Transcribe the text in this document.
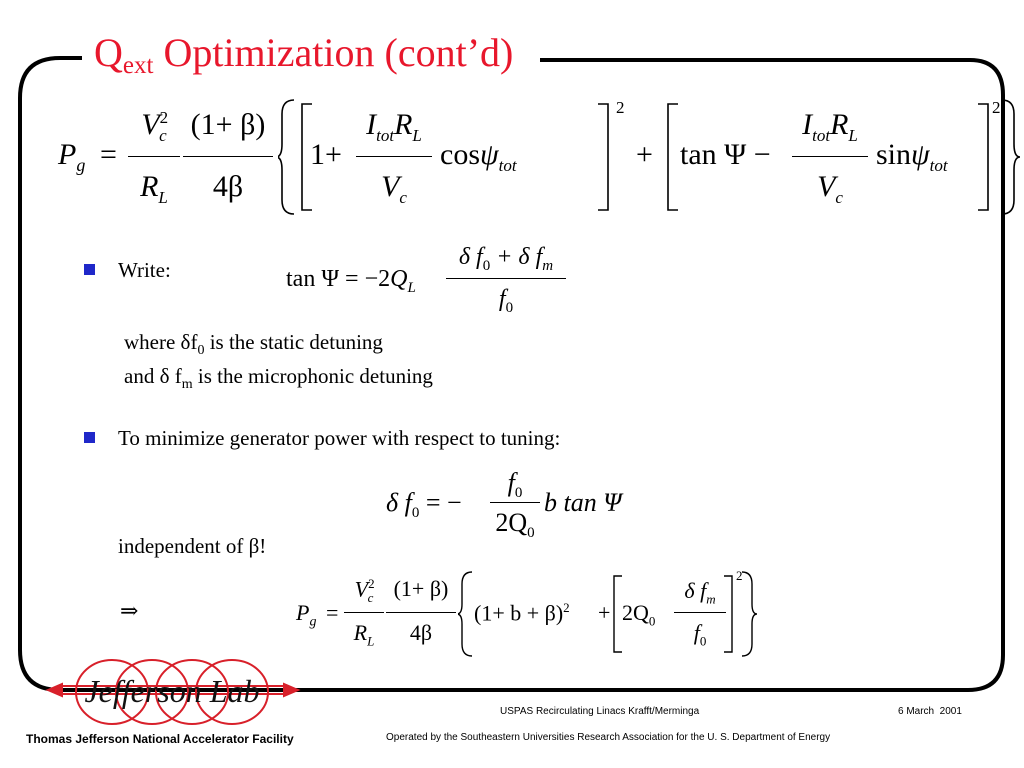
$Q_{ext}$ Optimization (cont’d)
$P_g$ =
$V^2_c$
$R_L$
(1+ β)
4β
1+
$I_{tot}R_L$
$V_c$
cosψ$_{tot}$
2
+ tan Ψ −
$I_{tot}R_L$
$V_c$
sinψ$_{tot}$
2
Write:	$\tan \Psi = -2Q_L$
δ $f_0 + \delta$ $f_m$
$f_0$
where $\delta f_0$ is the static detuning
and δ $f_m$ is the microphonic detuning
To minimize generator power with respect to tuning:
δ $f_0$ = −
$f_0$
$2Q_0$
b tan Ψ
independent of β!
⇒	$P_g$ =
$V^2_c$
$R_L$
(1+ β)
4β
$(1+ b + \beta)^2 + 2Q_0$
δ $f_m$
$f_0$
2
Jefferson Lab
Thomas Jefferson National Accelerator Facility
USPAS Recirculating Linacs Krafft/Merminga	6 March  2001
Operated by the Southeastern Universities Research Association for the U. S. Department of Energy
